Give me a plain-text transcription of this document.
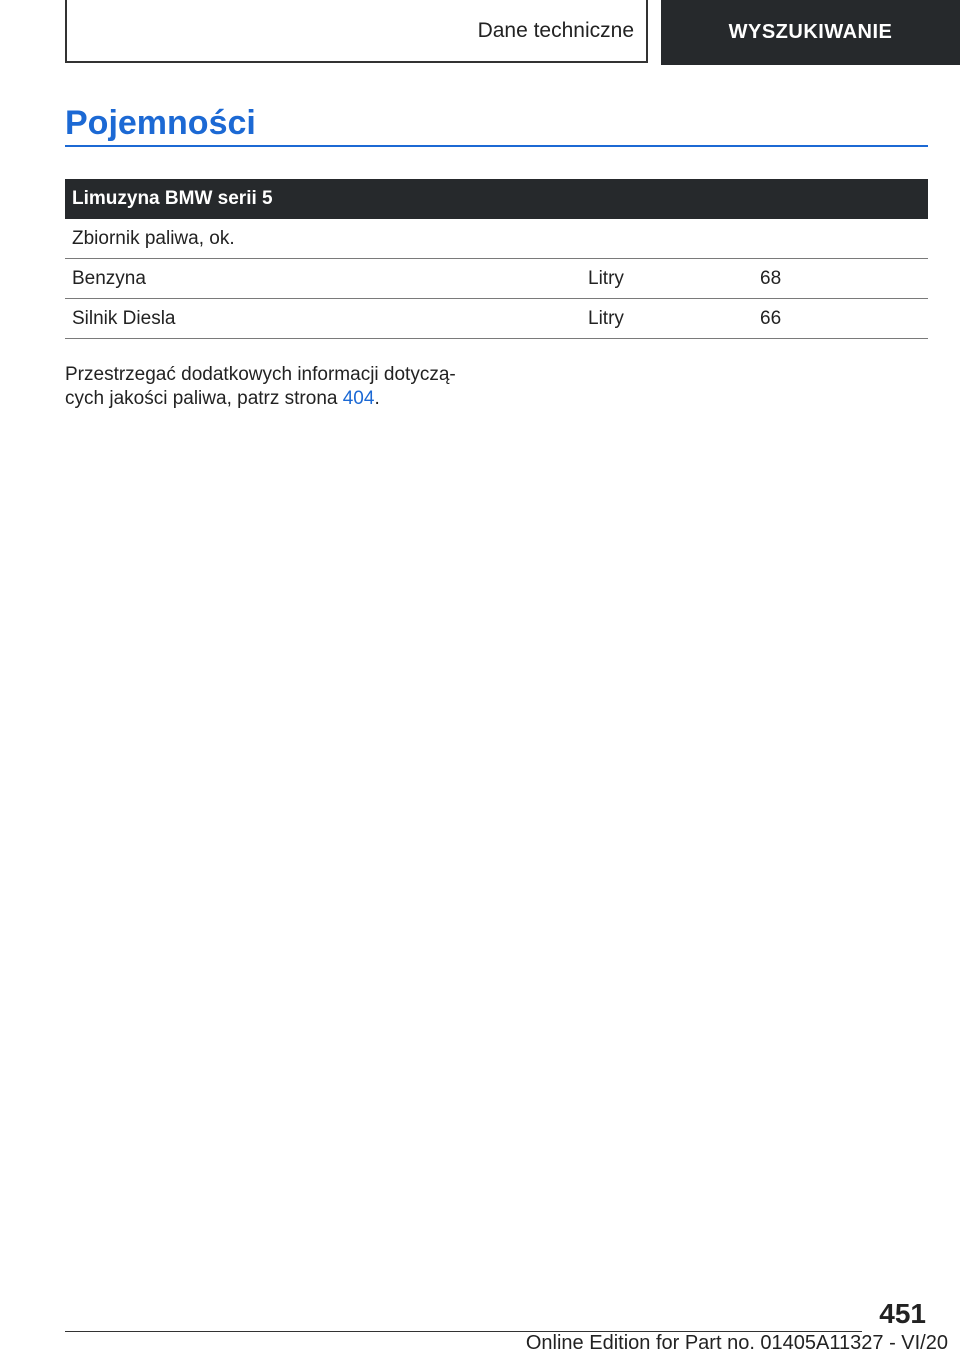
Dane techniczne	WYSZUKIWANIE
Pojemności
Limuzyna BMW serii 5		
Zbiornik paliwa, ok.		
Benzyna	Litry	68
Silnik Diesla	Litry	66

Przestrzegać dodatkowych informacji dotyczą-
cych jakości paliwa, patrz strona 404.

451
Online Edition for Part no. 01405A11327 - VI/20
